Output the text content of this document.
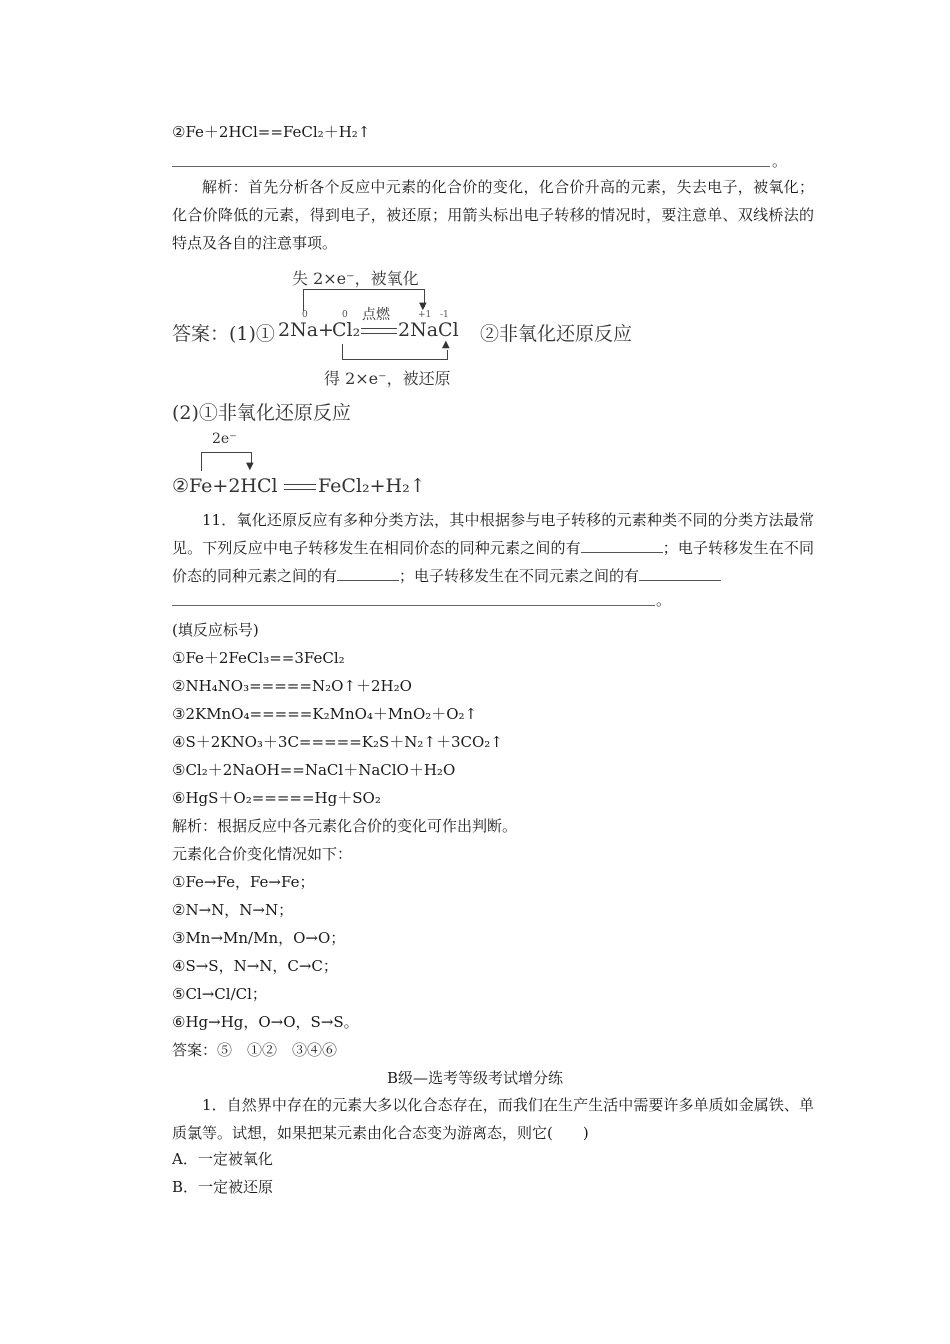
②Fe＋2HCl==FeCl₂＋H₂↑
。
解析：首先分析各个反应中元素的化合价的变化，化合价升高的元素，失去电子，被氧化；化合价降低的元素，得到电子，被还原；用箭头标出电子转移的情况时，要注意单、双线桥法的特点及各自的注意事项。
失 2×e⁻，被氧化
▼
0	0 点燃	+1 -1
答案：(1)① 2Na+
Cl₂ 2NaCl ②非氧化还原反应
▲
得 2×e⁻，被还原
(2)①非氧化还原反应
2e⁻
▼
②Fe+2HCl FeCl₂+H₂↑
11．氧化还原反应有多种分类方法，其中根据参与电子转移的元素种类不同的分类方法最常见。下列反应中电子转移发生在相同价态的同种元素之间的有	；电子转移发生在不同价态的同种元素之间的有	；电子转移发生在不同元素之间的有
。
(填反应标号)
①Fe＋2FeCl₃==3FeCl₂
②NH₄NO₃=====N₂O↑＋2H₂O
③2KMnO₄=====K₂MnO₄＋MnO₂＋O₂↑
④S＋2KNO₃＋3C=====K₂S＋N₂↑＋3CO₂↑
⑤Cl₂＋2NaOH==NaCl＋NaClO＋H₂O
⑥HgS＋O₂=====Hg＋SO₂
解析：根据反应中各元素化合价的变化可作出判断。
元素化合价变化情况如下：
①Fe→Fe，Fe→Fe；
②N→N，N→N；
③Mn→Mn/Mn，O→O；
④S→S，N→N，C→C；
⑤Cl→Cl/Cl；
⑥Hg→Hg，O→O，S→S。
答案：⑤　①②　③④⑥
B级—选考等级考试增分练
1．自然界中存在的元素大多以化合态存在，而我们在生产生活中需要许多单质如金属铁、单质氯等。试想，如果把某元素由化合态变为游离态，则它(　　)
A．一定被氧化
B．一定被还原
